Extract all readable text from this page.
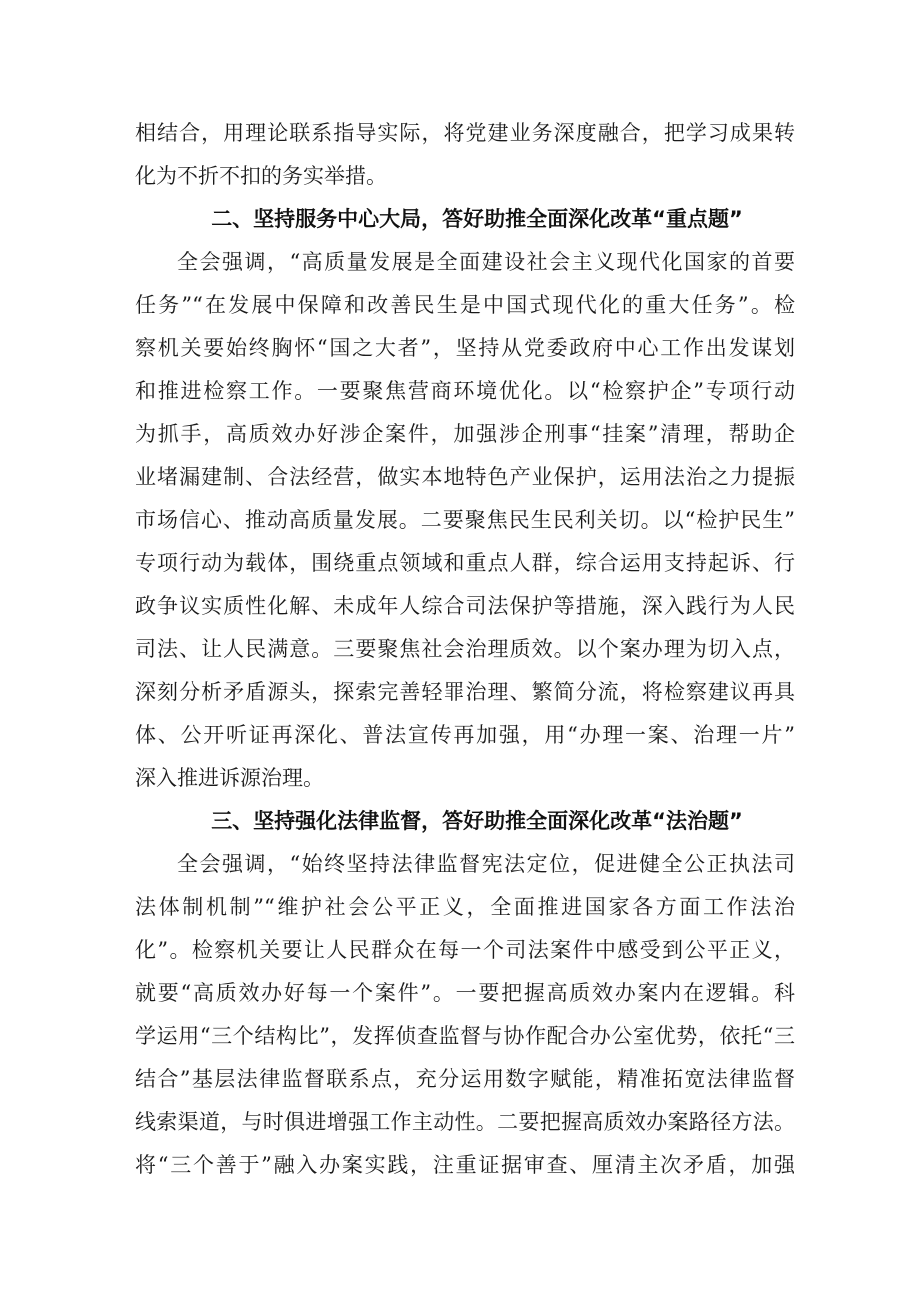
相结合，用理论联系指导实际，将党建业务深度融合，把学习成果转
化为不折不扣的务实举措。
二、坚持服务中心大局，答好助推全面深化改革“重点题”
全会强调，“高质量发展是全面建设社会主义现代化国家的首要
任务”“在发展中保障和改善民生是中国式现代化的重大任务”。检
察机关要始终胸怀“国之大者”，坚持从党委政府中心工作出发谋划
和推进检察工作。一要聚焦营商环境优化。以“检察护企”专项行动
为抓手，高质效办好涉企案件，加强涉企刑事“挂案”清理，帮助企
业堵漏建制、合法经营，做实本地特色产业保护，运用法治之力提振
市场信心、推动高质量发展。二要聚焦民生民利关切。以“检护民生”
专项行动为载体，围绕重点领域和重点人群，综合运用支持起诉、行
政争议实质性化解、未成年人综合司法保护等措施，深入践行为人民
司法、让人民满意。三要聚焦社会治理质效。以个案办理为切入点，
深刻分析矛盾源头，探索完善轻罪治理、繁简分流，将检察建议再具
体、公开听证再深化、普法宣传再加强，用“办理一案、治理一片”
深入推进诉源治理。
三、坚持强化法律监督，答好助推全面深化改革“法治题”
全会强调，“始终坚持法律监督宪法定位，促进健全公正执法司
法体制机制”“维护社会公平正义，全面推进国家各方面工作法治
化”。检察机关要让人民群众在每一个司法案件中感受到公平正义，
就要“高质效办好每一个案件”。一要把握高质效办案内在逻辑。科
学运用“三个结构比”，发挥侦查监督与协作配合办公室优势，依托“三
结合”基层法律监督联系点，充分运用数字赋能，精准拓宽法律监督
线索渠道，与时俱进增强工作主动性。二要把握高质效办案路径方法。
将“三个善于”融入办案实践，注重证据审查、厘清主次矛盾，加强
